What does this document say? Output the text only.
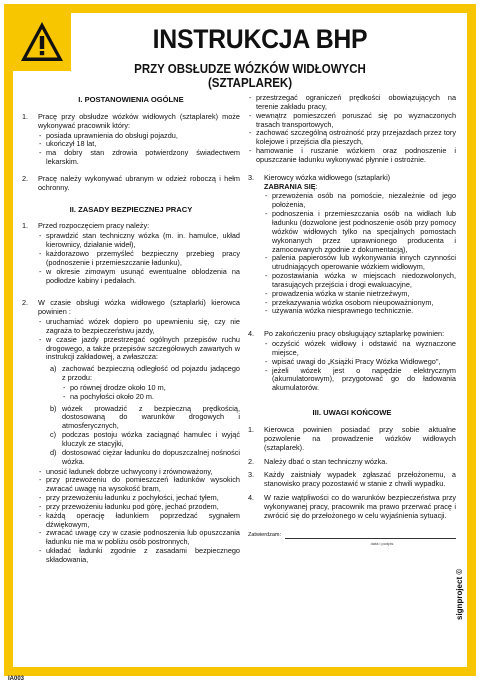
INSTRUKCJA BHP
PRZY OBSŁUDZE WÓZKÓW WIDŁOWYCH (SZTAPLAREK)
I. POSTANOWIENIA OGÓLNE
1.	Pracę przy obsłudze wózków widłowych (sztaplarek) może wykonywać pracownik który:
- posiada uprawnienia do obsługi pojazdu,
- ukończył 18 lat,
- ma dobry stan zdrowia potwierdzony świadectwem lekarskim.
2.	Pracę należy wykonywać ubranym w odzież roboczą i hełm ochronny.
II. ZASADY BEZPIECZNEJ PRACY
1.	Przed rozpoczęciem pracy należy:
- sprawdzić stan techniczny wózka (m. in. hamulce, układ kierownicy, działanie wideł),
- każdorazowo przemyśleć bezpieczny przebieg pracy (podnoszenie i przemieszczanie ładunku),
- w okresie zimowym usunąć ewentualne oblodzenia na podłodze kabiny i pedałach.
2.	W czasie obsługi wózka widłowego (sztaplarki) kierowca powinien :
- uruchamiać wózek dopiero po upewnieniu się, czy nie zagraża to bezpieczeństwu jazdy,
- w czasie jazdy przestrzegać ogólnych przepisów ruchu drogowego, a także przepisów szczegółowych zawartych w instrukcji zakładowej, a zwłaszcza:
a) zachować bezpieczną odległość od pojazdu jadącego z przodu:
- po równej drodze około 10 m,
- na pochyłości około 20 m.
b) wózek prowadzić z bezpieczną prędkością, dostosowaną do warunków drogowych i atmosferycznych,
c) podczas postoju wózka zaciągnąć hamulec i wyjąć kluczyk ze stacyjki,
d) dostosować ciężar ładunku do dopuszczalnej nośności wózka.
- unosić ładunek dobrze uchwycony i zrównoważony,
- przy przewożeniu do pomieszczeń ładunków wysokich zwracać uwagę na wysokość bram,
- przy przewożeniu ładunku z pochyłości, jechać tyłem,
- przy przewożeniu ładunku pod górę, jechać przodem,
- każdą operację ładunkiem poprzedzać sygnałem dźwiękowym,
- zwracać uwagę czy w czasie podnoszenia lub opuszczania ładunku nie ma w pobliżu osób postronnych,
- układać ładunki zgodnie z zasadami bezpiecznego składowania,
- przestrzegać ograniczeń prędkości obowiązujących na terenie zakładu pracy,
- wewnątrz pomieszczeń poruszać się po wyznaczonych trasach transportowych,
- zachować szczególną ostrożność przy przejazdach przez tory kolejowe i przejścia dla pieszych,
- hamowanie i ruszanie wózkiem oraz podnoszenie i opuszczanie ładunku wykonywać płynnie i ostrożnie.
3.	Kierowcy wózka widłowego (sztaplarki)
ZABRANIA SIĘ:
- przewożenia osób na pomoście, niezależnie od jego położenia,
- podnoszenia i przemieszczania osób na widłach lub ładunku (dozwolone jest podnoszenie osób przy pomocy wózków widłowych tylko na specjalnych pomostach wykonanych przez uprawnionego producenta i zamocowanych zgodnie z dokumentacją),
- palenia papierosów lub wykonywania innych czynności utrudniających operowanie wózkiem widłowym,
- pozostawiania wózka w miejscach niedozwolonych, tarasujących przejścia i drogi ewakuacyjne,
- prowadzenia wózka w stanie nietrzeźwym,
- przekazywania wózka osobom nieupoważnionym,
- używania wózka niesprawnego technicznie.
4.	Po zakończeniu pracy obsługujący sztaplarkę powinien:
- oczyścić wózek widłowy i odstawić na wyznaczone miejsce,
- wpisać uwagi do „Książki Pracy Wózka Widłowego",
- jeżeli wózek jest o napędzie elektrycznym (akumulatorowym), przygotować go do ładowania akumulatorów.
III. UWAGI KOŃCOWE
1.	Kierowca powinien posiadać przy sobie aktualne pozwolenie na prowadzenie wózków widłowych (sztaplarek).
2.	Należy dbać o stan techniczny wózka.
3.	Każdy zaistniały wypadek zgłaszać przełożonemu, a stanowisko pracy pozostawić w stanie z chwili wypadku.
4.	W razie wątpliwości co do warunków bezpieczeństwa przy wykonywanej pracy, pracownik ma prawo przerwać pracę i zwrócić się do przełożonego w celu wyjaśnienia sytuacji.
Zatwierdzam:
data i podpis
signproject ©
IA003
